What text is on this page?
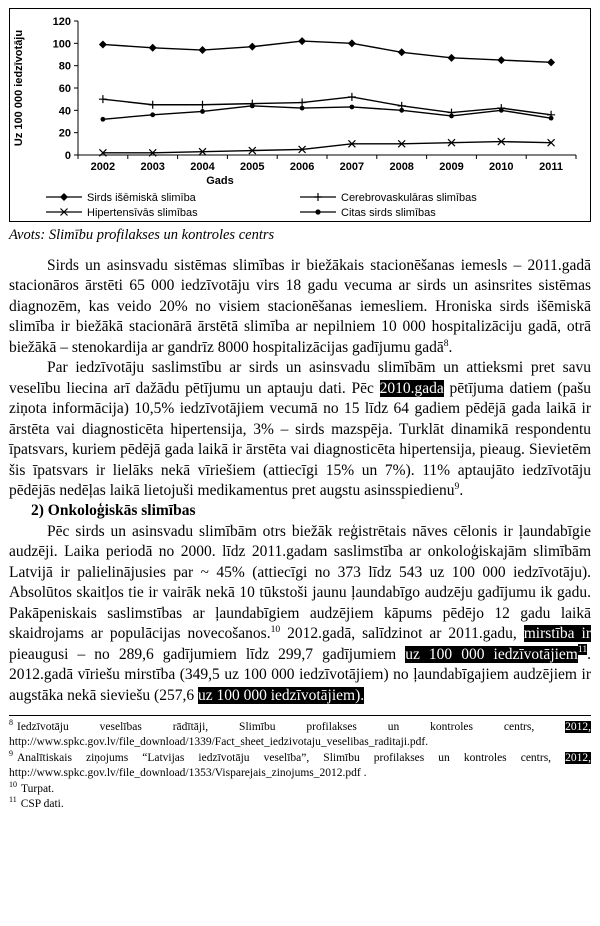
0
20
40
60
80
100
120
2002 2003 2004 2005 2006 2007 2008 2009 2010 2011
Uz 100 000 iedzīvotāju
Gads
Sirds išēmiskā slimība	Cerebrovaskulāras slimības
Hipertensīvās slimības	Citas sirds slimības
Avots: Slimību profilakses un kontroles centrs

Sirds un asinsvadu sistēmas slimības ir biežākais stacionēšanas iemesls – 2011.gadā stacionāros ārstēti 65 000 iedzīvotāju virs 18 gadu vecuma ar sirds un asinsrites sistēmas diagnozēm, kas veido 20% no visiem stacionēšanas iemesliem. Hroniska sirds išēmiskā slimība ir biežākā stacionārā ārstētā slimība ar nepilniem 10 000 hospitalizāciju gadā, otrā biežākā – stenokardija ar gandrīz 8000 hospitalizācijas gadījumu gadā$^8$.

Par iedzīvotāju saslimstību ar sirds un asinsvadu slimībām un attieksmi pret savu veselību liecina arī dažādu pētījumu un aptauju dati. Pēc 2010.gada pētījuma datiem (pašu ziņota informācija) 10,5% iedzīvotājiem vecumā no 15 līdz 64 gadiem pēdējā gada laikā ir ārstēta vai diagnosticēta hipertensija, 3% – sirds mazspēja. Turklāt dinamikā respondentu īpatsvars, kuriem pēdējā gada laikā ir ārstēta vai diagnosticēta hipertensija, pieaug. Sievietēm šis īpatsvars ir lielāks nekā vīriešiem (attiecīgi 15% un 7%). 11% aptaujāto iedzīvotāju pēdējās nedēļas laikā lietojuši medikamentus pret augstu asinsspiedienu$^9$.

2) Onkoloģiskās slimības

Pēc sirds un asinsvadu slimībām otrs biežāk reģistrētais nāves cēlonis ir ļaundabīgie audzēji. Laika periodā no 2000. līdz 2011.gadam saslimstība ar onkoloģiskajām slimībām Latvijā ir palielinājusies par ~ 45% (attiecīgi no 373 līdz 543 uz 100 000 iedzīvotāju). Absolūtos skaitļos tie ir vairāk nekā 10 tūkstoši jaunu ļaundabīgo audzēju gadījumu ik gadu. Pakāpeniskais saslimstības ar ļaundabīgiem audzējiem kāpums pēdējo 12 gadu laikā skaidrojams ar populācijas novecošanos.$^{10}$ 2012.gadā, salīdzinot ar 2011.gadu, mirstība ir pieaugusi – no 289,6 gadījumiem līdz 299,7 gadījumiem uz 100 000 iedzīvotājiem$^{11}$. 2012.gadā vīriešu mirstība (349,5 uz 100 000 iedzīvotājiem) no ļaundabīgajiem audzējiem ir augstāka nekā sieviešu (257,6 uz 100 000 iedzīvotājiem).

$^8$ Iedzīvotāju veselības rādītāji, Slimību profilakses un kontroles centrs, 2012, http://www.spkc.gov.lv/file_download/1339/Fact_sheet_iedzivotaju_veselibas_raditaji.pdf.
$^9$ Analītiskais ziņojums “Latvijas iedzīvotāju veselība”, Slimību profilakses un kontroles centrs, 2012, http://www.spkc.gov.lv/file_download/1353/Visparejais_zinojums_2012.pdf .
$^{10}$ Turpat.
$^{11}$ CSP dati.
